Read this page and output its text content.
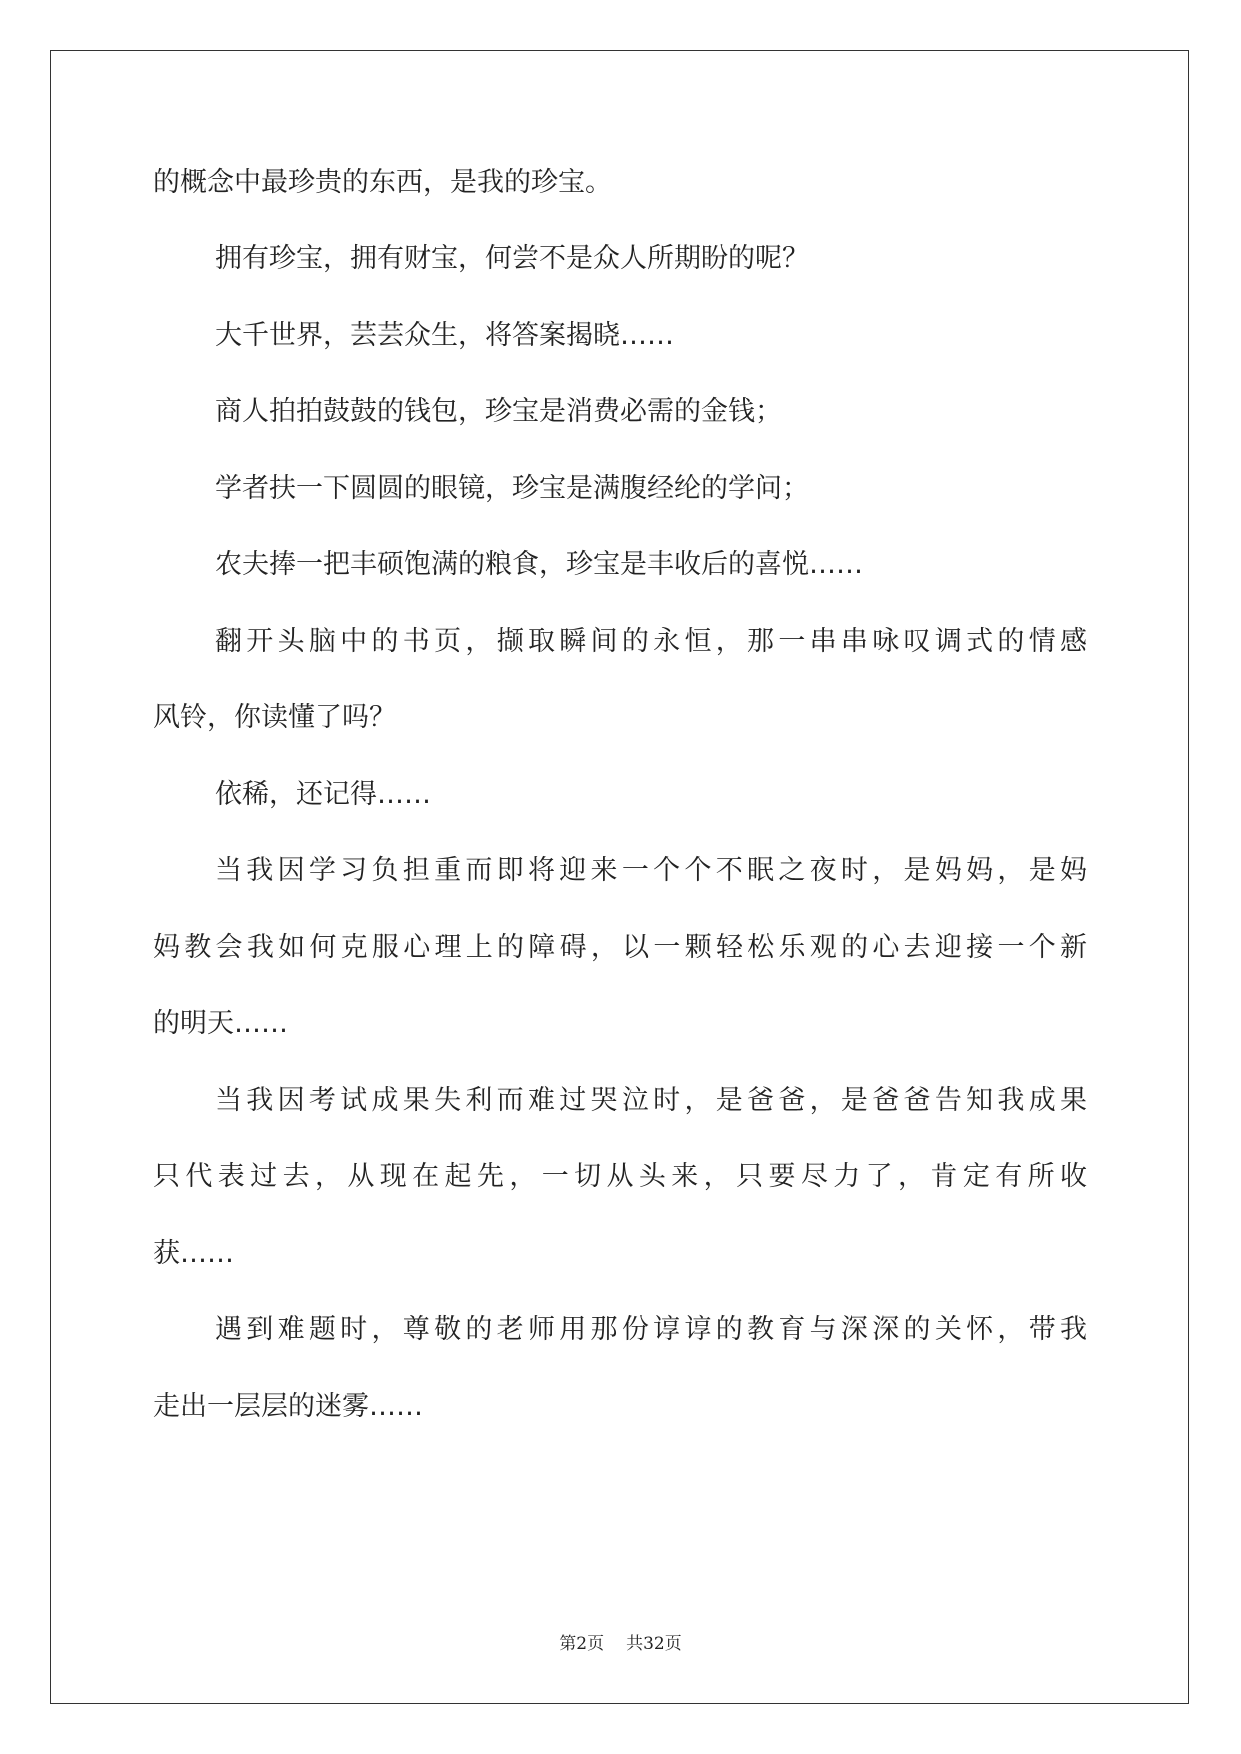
的概念中最珍贵的东西，是我的珍宝。
拥有珍宝，拥有财宝，何尝不是众人所期盼的呢？
大千世界，芸芸众生，将答案揭晓……
商人拍拍鼓鼓的钱包，珍宝是消费必需的金钱；
学者扶一下圆圆的眼镜，珍宝是满腹经纶的学问；
农夫捧一把丰硕饱满的粮食，珍宝是丰收后的喜悦……
翻开头脑中的书页，撷取瞬间的永恒，那一串串咏叹调式的情感
风铃，你读懂了吗？
依稀，还记得……
当我因学习负担重而即将迎来一个个不眠之夜时，是妈妈，是妈
妈教会我如何克服心理上的障碍，以一颗轻松乐观的心去迎接一个新
的明天……
当我因考试成果失利而难过哭泣时，是爸爸，是爸爸告知我成果
只代表过去，从现在起先，一切从头来，只要尽力了，肯定有所收
获……
遇到难题时，尊敬的老师用那份谆谆的教育与深深的关怀，带我
走出一层层的迷雾……
第2页 共32页
